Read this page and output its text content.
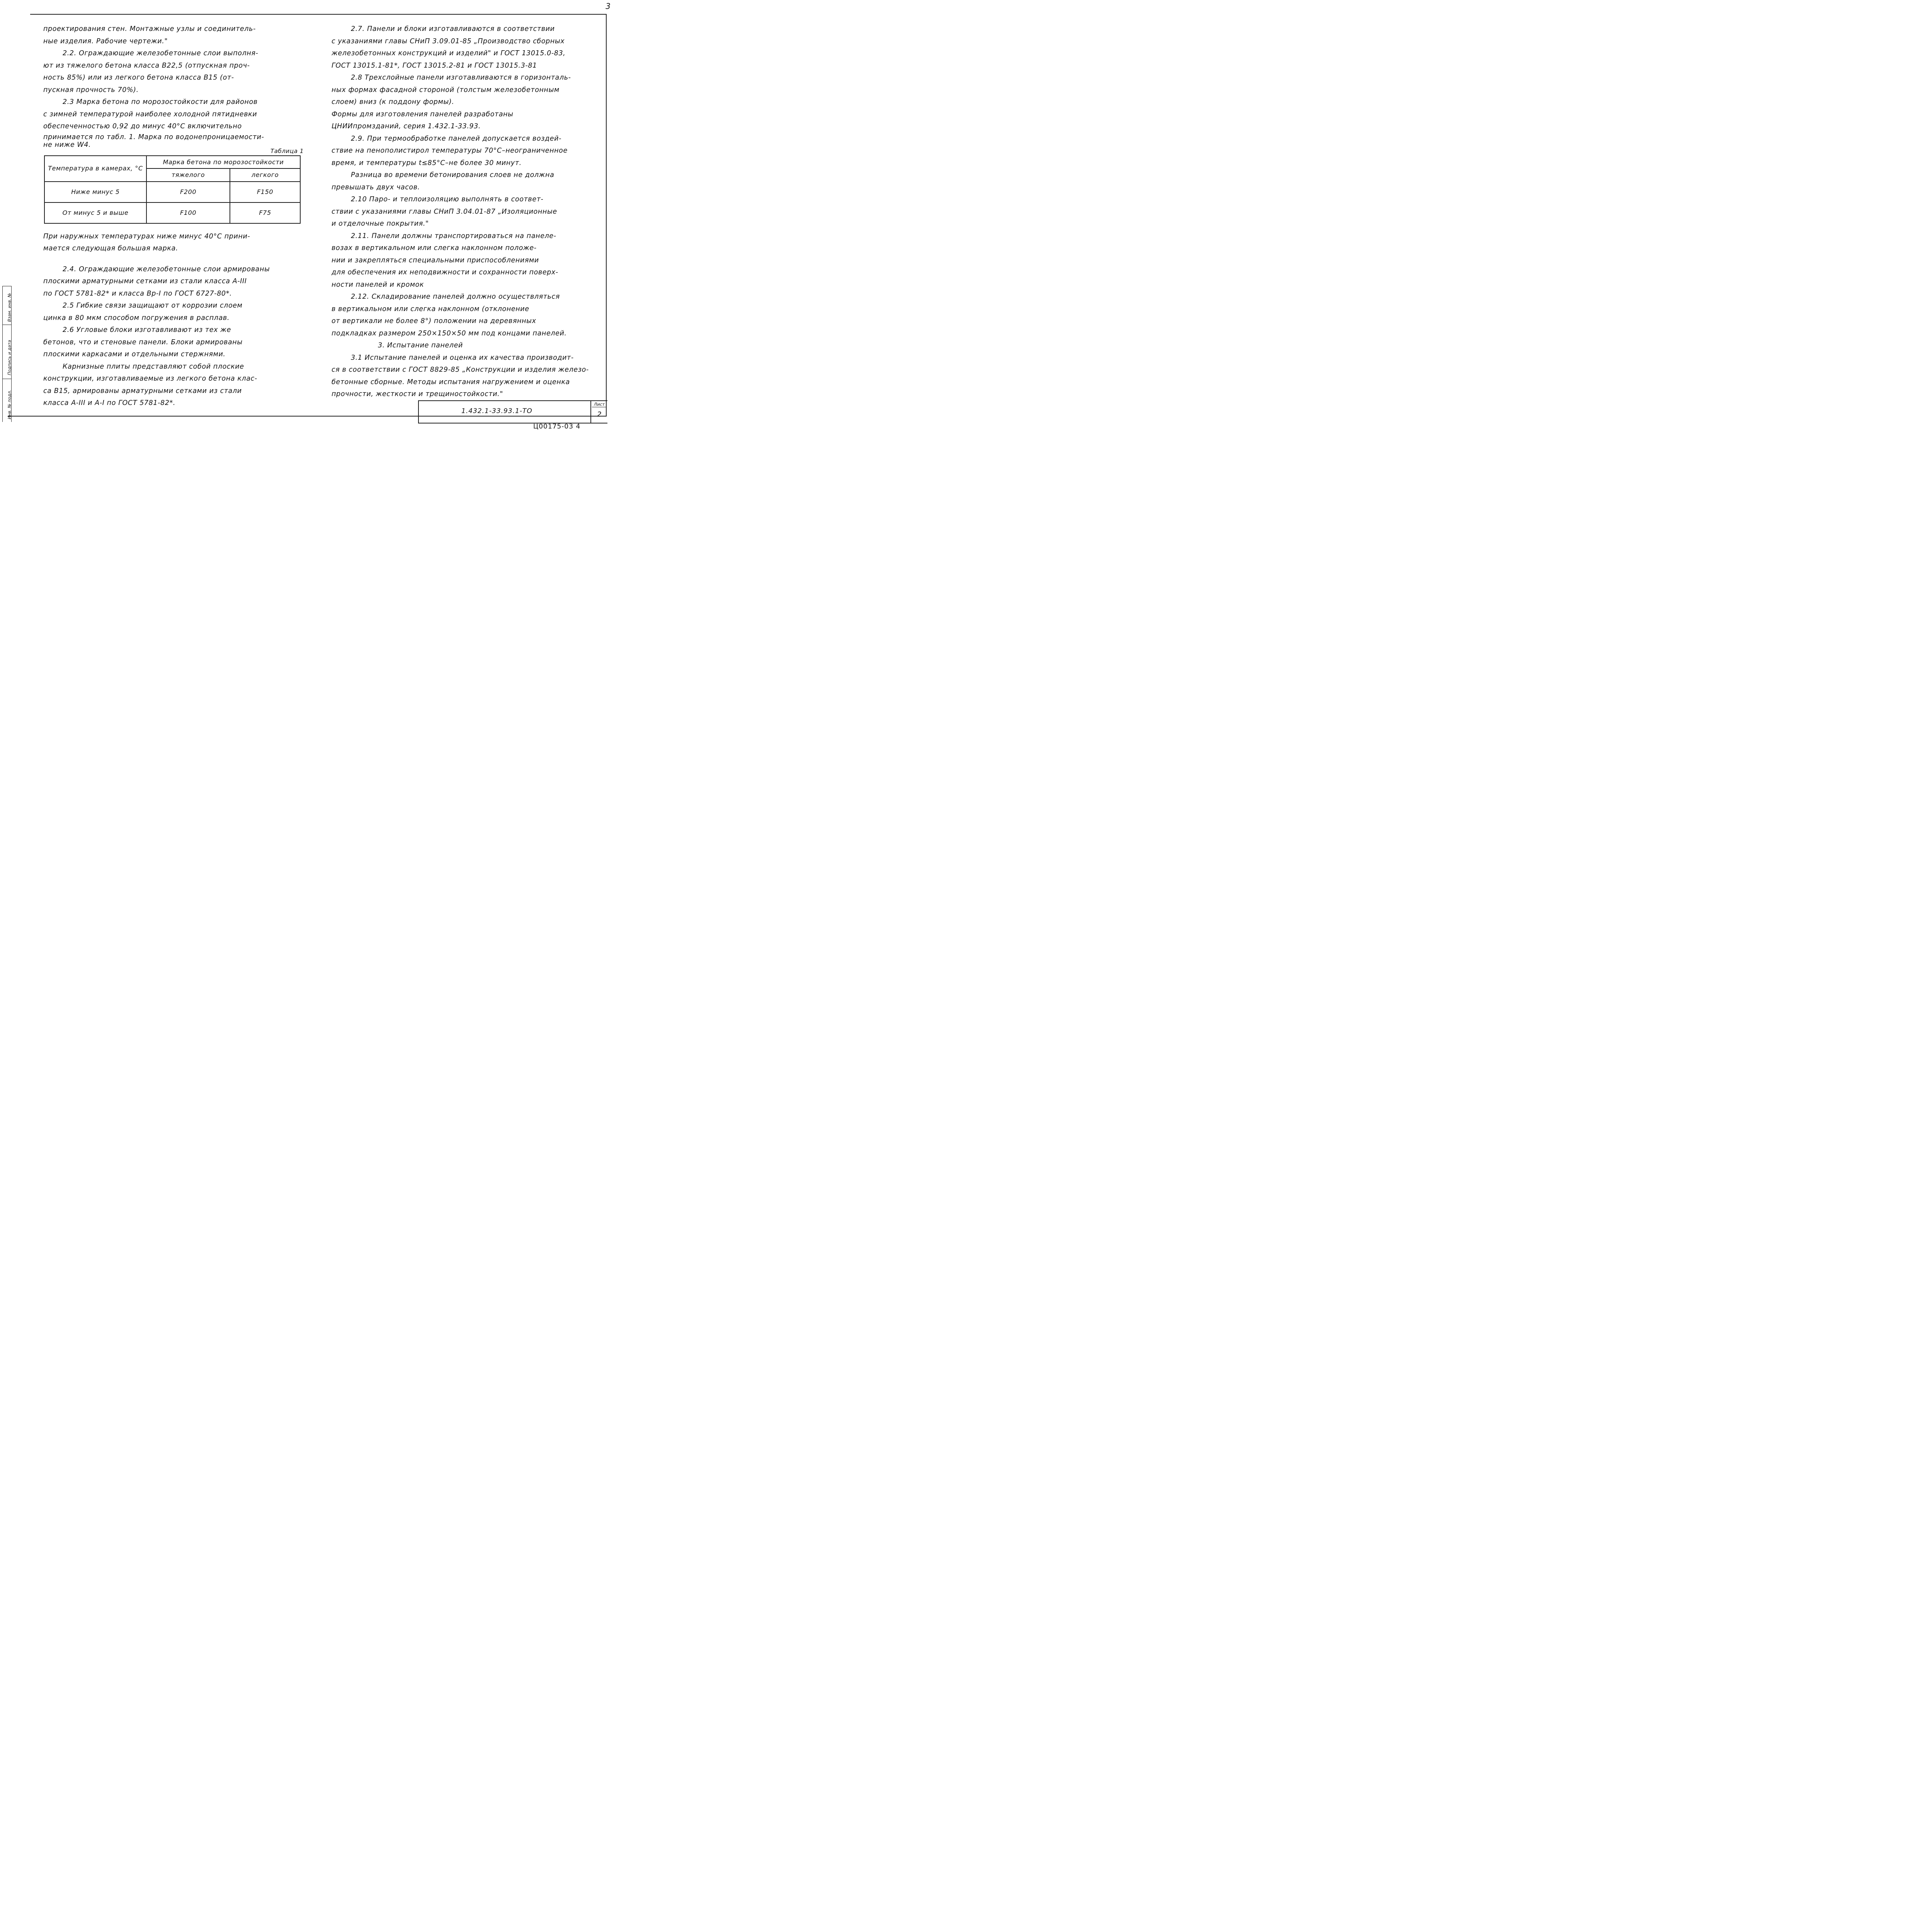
3

проектирования стен. Монтажные узлы и соединитель-

ные изделия. Рабочие чертежи."

2.2. Ограждающие железобетонные слои выполня-

ют из тяжелого бетона класса В22,5 (отпускная проч-

ность 85%) или из легкого бетона класса В15 (от-

пускная прочность 70%).

2.3 Марка бетона по морозостойкости для районов

с зимней температурой наиболее холодной пятидневки

обеспеченностью 0,92 до минус 40°С включительно

принимается по табл. 1. Марка по водонепроницаемости-

не ниже W4.

Таблица 1
Температура в камерах, °С	Марка бетона по морозостойкости	
	тяжелого	легкого
Ниже минус 5	F200	F150
От минус 5 и выше	F100	F75

При наружных температурах ниже минус 40°С прини-

мается следующая большая марка.

2.4. Ограждающие железобетонные слои армированы

плоскими арматурными сетками из стали класса А-III

по ГОСТ 5781-82* и класса Вр-I по ГОСТ 6727-80*.

2.5 Гибкие связи защищают от коррозии слоем

цинка в 80 мкм способом погружения в расплав.

2.6 Угловые блоки изготавливают из тех же

бетонов, что и стеновые панели. Блоки армированы

плоскими каркасами и отдельными стержнями.

Карнизные плиты представляют собой плоские

конструкции, изготавливаемые из легкого бетона клас-

са В15, армированы арматурными сетками из стали

класса А-III и А-I по ГОСТ 5781-82*.

2.7. Панели и блоки изготавливаются в соответствии

с указаниями главы СНиП 3.09.01-85 „Производство сборных

железобетонных конструкций и изделий" и ГОСТ 13015.0-83,

ГОСТ 13015.1-81*, ГОСТ 13015.2-81 и ГОСТ 13015.3-81

2.8 Трехслойные панели изготавливаются в горизонталь-

ных формах фасадной стороной (толстым железобетонным

слоем) вниз (к поддону формы).

Формы для изготовления панелей разработаны

ЦНИИпромзданий, серия 1.432.1-33.93.

2.9. При термообработке панелей допускается воздей-

ствие на пенополистирол температуры 70°С–неограниченное

время, и температуры t≤85°С–не более 30 минут.

Разница во времени бетонирования слоев не должна

превышать двух часов.

2.10 Паро- и теплоизоляцию выполнять в соответ-

ствии с указаниями главы СНиП 3.04.01-87 „Изоляционные

и отделочные покрытия."

2.11. Панели должны транспортироваться на панеле-

возах в вертикальном или слегка наклонном положе-

нии и закрепляться специальными приспособлениями

для обеспечения их неподвижности и сохранности поверх-

ности панелей и кромок

2.12. Складирование панелей должно осуществляться

в вертикальном или слегка наклонном (отклонение

от вертикали не более 8°) положении на деревянных

подкладках размером 250×150×50 мм под концами панелей.

3. Испытание панелей

3.1 Испытание панелей и оценка их качества производит-

ся в соответствии с ГОСТ 8829-85 „Конструкции и изделия железо-

бетонные сборные. Методы испытания нагружением и оценка

прочности, жесткости и трещиностойкости."

Взам. инв. №
Подпись и дата
Инв. № подл.	1.432.1-33.93.1-ТО
Лист
2
Ц00175-03 4
